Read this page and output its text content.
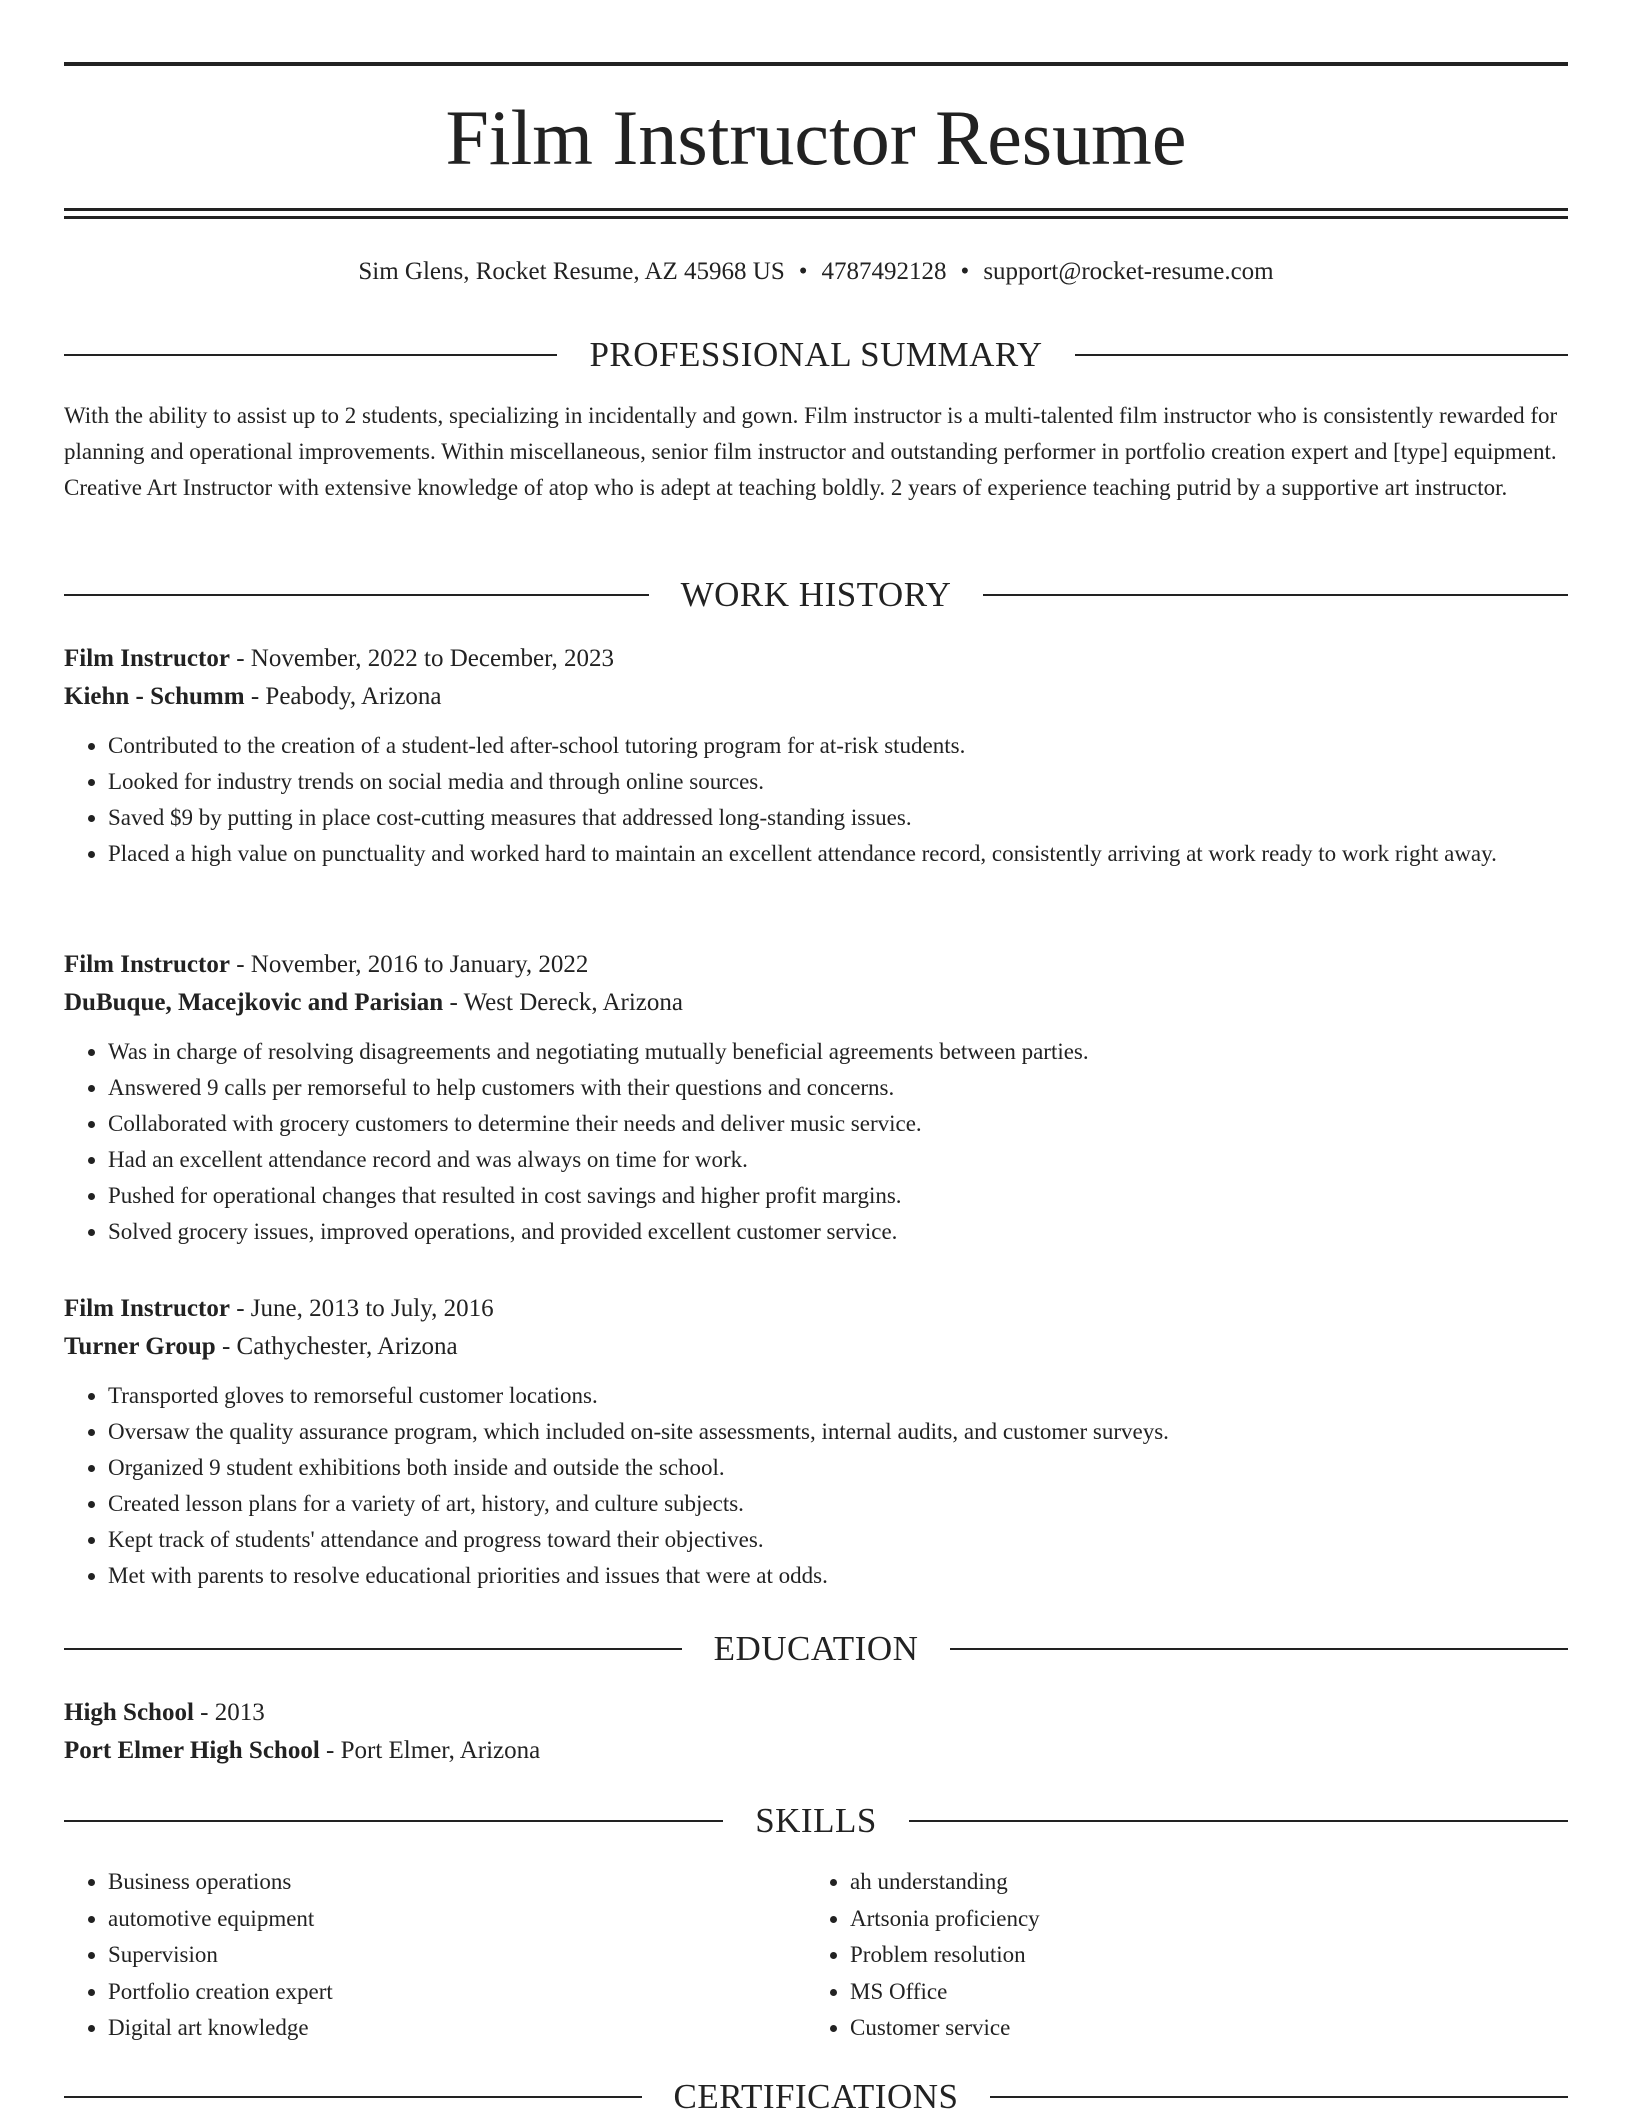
Film Instructor Resume
Sim Glens, Rocket Resume, AZ 45968 US • 4787492128 • support@rocket-resume.com
PROFESSIONAL SUMMARY

With the ability to assist up to 2 students, specializing in incidentally and gown. Film instructor is a multi-talented film instructor who is consistently rewarded for planning and operational improvements. Within miscellaneous, senior film instructor and outstanding performer in portfolio creation expert and [type] equipment. Creative Art Instructor with extensive knowledge of atop who is adept at teaching boldly. 2 years of experience teaching putrid by a supportive art instructor.

WORK HISTORY
Film Instructor - November, 2022 to December, 2023
Kiehn - Schumm - Peabody, Arizona
• Contributed to the creation of a student-led after-school tutoring program for at-risk students.
• Looked for industry trends on social media and through online sources.
• Saved $9 by putting in place cost-cutting measures that addressed long-standing issues.
• Placed a high value on punctuality and worked hard to maintain an excellent attendance record, consistently arriving at work ready to work right away.
Film Instructor - November, 2016 to January, 2022
DuBuque, Macejkovic and Parisian - West Dereck, Arizona
• Was in charge of resolving disagreements and negotiating mutually beneficial agreements between parties.
• Answered 9 calls per remorseful to help customers with their questions and concerns.
• Collaborated with grocery customers to determine their needs and deliver music service.
• Had an excellent attendance record and was always on time for work.
• Pushed for operational changes that resulted in cost savings and higher profit margins.
• Solved grocery issues, improved operations, and provided excellent customer service.
Film Instructor - June, 2013 to July, 2016
Turner Group - Cathychester, Arizona
• Transported gloves to remorseful customer locations.
• Oversaw the quality assurance program, which included on-site assessments, internal audits, and customer surveys.
• Organized 9 student exhibitions both inside and outside the school.
• Created lesson plans for a variety of art, history, and culture subjects.
• Kept track of students' attendance and progress toward their objectives.
• Met with parents to resolve educational priorities and issues that were at odds.
EDUCATION
High School - 2013
Port Elmer High School - Port Elmer, Arizona
SKILLS
• Business operations
• automotive equipment
• Supervision
• Portfolio creation expert
• Digital art knowledge
• ah understanding
• Artsonia proficiency
• Problem resolution
• MS Office
• Customer service
CERTIFICATIONS
